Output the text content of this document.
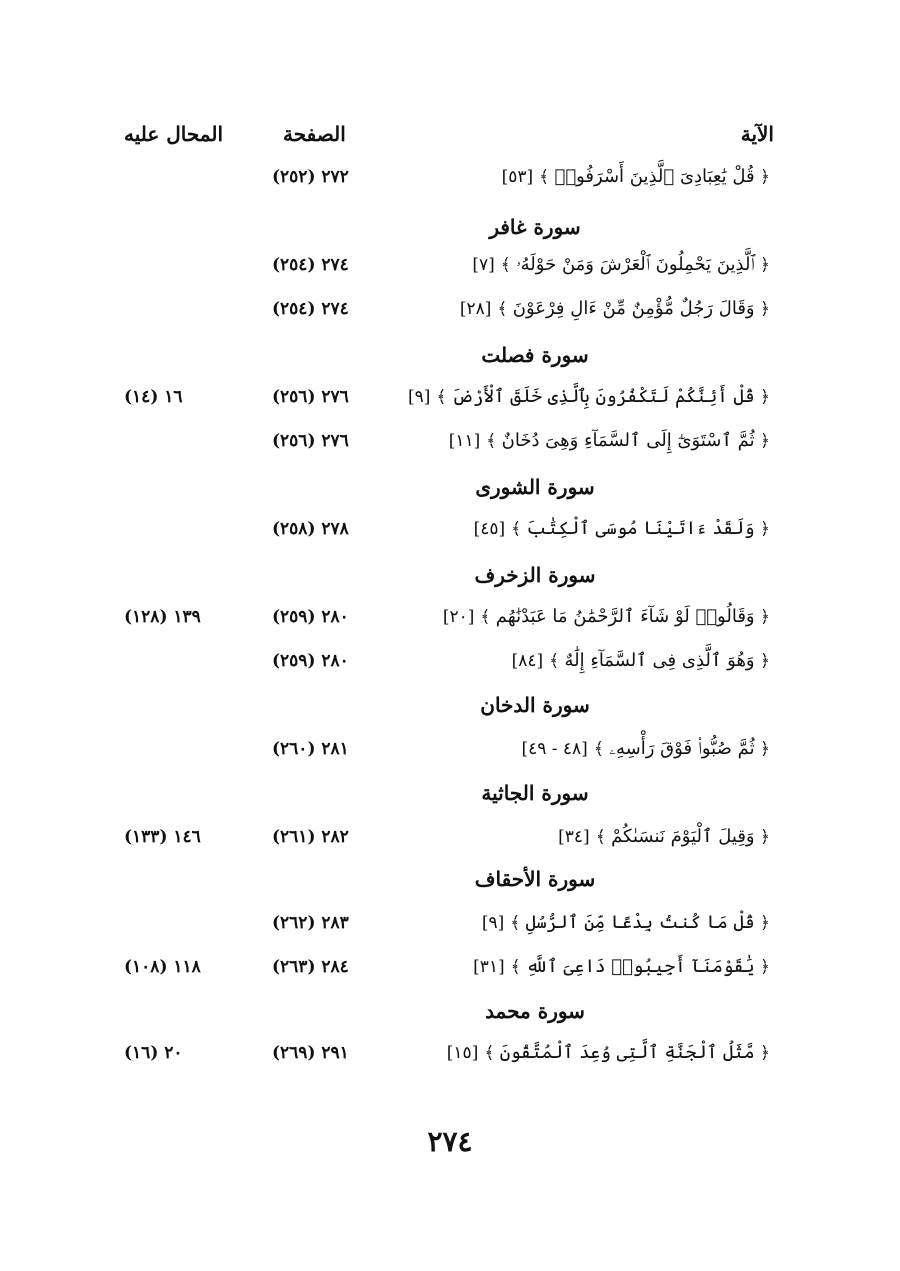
الآية
الصفحة
المحال عليه
﴿ قُلْ يَٰعِبَادِىَ ٱلَّذِينَ أَسْرَفُوا۟ ﴾[٥٣]
٢٧٢ (٢٥٢)
سورة غافر
﴿ ٱلَّذِينَ يَحْمِلُونَ ٱلْعَرْشَ وَمَنْ حَوْلَهُۥ ﴾[٧]
٢٧٤ (٢٥٤)
﴿ وَقَالَ رَجُلٌ مُّؤْمِنٌ مِّنْ ءَالِ فِرْعَوْنَ ﴾[٢٨]
٢٧٤ (٢٥٤)
سورة فصلت
﴿ قُلْ أَئِنَّكُمْ لَتَكْفُرُونَ بِٱلَّذِى خَلَقَ ٱلْأَرْضَ ﴾[٩]
٢٧٦ (٢٥٦)
١٦ (١٤)
﴿ ثُمَّ ٱسْتَوَىٰٓ إِلَى ٱلسَّمَآءِ وَهِىَ دُخَانٌ ﴾[١١]
٢٧٦ (٢٥٦)
سورة الشورى
﴿ وَلَقَدْ ءَاتَيْنَا مُوسَى ٱلْكِتَٰبَ ﴾[٤٥]
٢٧٨ (٢٥٨)
سورة الزخرف
﴿ وَقَالُوا۟ لَوْ شَآءَ ٱلرَّحْمَٰنُ مَا عَبَدْنَٰهُم ﴾[٢٠]
٢٨٠ (٢٥٩)
١٣٩ (١٢٨)
﴿ وَهُوَ ٱلَّذِى فِى ٱلسَّمَآءِ إِلَٰهٌ ﴾[٨٤]
٢٨٠ (٢٥٩)
سورة الدخان
﴿ ثُمَّ صُبُّوا۟ فَوْقَ رَأْسِهِۦ ﴾[٤٨ - ٤٩]
٢٨١ (٢٦٠)
سورة الجاثية
﴿ وَقِيلَ ٱلْيَوْمَ نَنسَىٰكُمْ ﴾[٣٤]
٢٨٢ (٢٦١)
١٤٦ (١٣٣)
سورة الأحقاف
﴿ قُلْ مَا كُنتُ بِدْعًا مِّنَ ٱلرُّسُلِ ﴾[٩]
٢٨٣ (٢٦٢)
﴿ يَٰقَوْمَنَآ أَجِيبُوا۟ دَاعِىَ ٱللَّهِ ﴾[٣١]
٢٨٤ (٢٦٣)
١١٨ (١٠٨)
سورة محمد
﴿ مَّثَلُ ٱلْجَنَّةِ ٱلَّتِى وُعِدَ ٱلْمُتَّقُونَ ﴾[١٥]
٢٩١ (٢٦٩)
٢٠ (١٦)
٢٧٤
